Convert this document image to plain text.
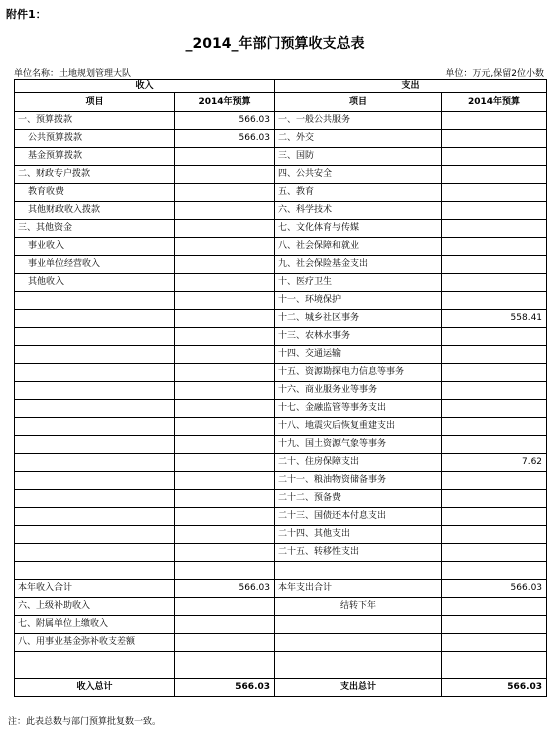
附件1：
_2014_年部门预算收支总表
单位名称：土地规划管理大队	单位：万元,保留2位小数
收入		支出	
项目	2014年预算	项目	2014年预算
一、预算拨款	566.03	一、一般公共服务	
公共预算拨款	566.03	二、外交	
基金预算拨款		三、国防	
二、财政专户拨款		四、公共安全	
教育收费		五、教育	
其他财政收入拨款		六、科学技术	
三、其他资金		七、文化体育与传媒	
事业收入		八、社会保障和就业	
事业单位经营收入		九、社会保险基金支出	
其他收入		十、医疗卫生	
		十一、环境保护	
		十二、城乡社区事务	558.41
		十三、农林水事务	
		十四、交通运输	
		十五、资源勘探电力信息等事务	
		十六、商业服务业等事务	
		十七、金融监管等事务支出	
		十八、地震灾后恢复重建支出	
		十九、国土资源气象等事务	
		二十、住房保障支出	7.62
		二十一、粮油物资储备事务	
		二十二、预备费	
		二十三、国债还本付息支出	
		二十四、其他支出	
		二十五、转移性支出	

本年收入合计	566.03	本年支出合计	566.03
六、上级补助收入		结转下年	
七、附属单位上缴收入			
八、用事业基金弥补收支差额			

收入总计	566.03	支出总计	566.03
注：此表总数与部门预算批复数一致。
